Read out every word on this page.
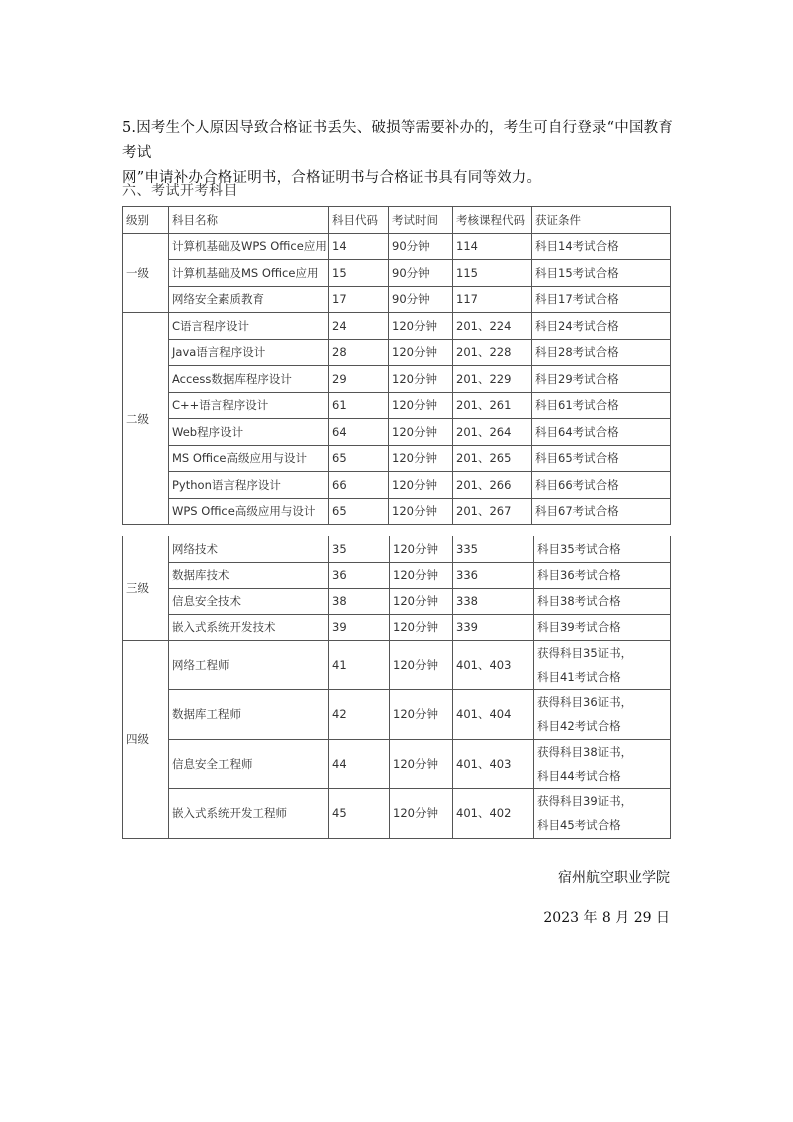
5.因考生个人原因导致合格证书丢失、破损等需要补办的，考生可自行登录“中国教育考试
网”申请补办合格证明书，合格证明书与合格证书具有同等效力。
六、考试开考科目
级别	科目名称	科目代码	考试时间	考核课程代码	获证条件
一级	计算机基础及WPS Office应用	14	90分钟	114	科目14考试合格
	计算机基础及MS Office应用	15	90分钟	115	科目15考试合格
	网络安全素质教育	17	90分钟	117	科目17考试合格
二级	C语言程序设计	24	120分钟	201、224	科目24考试合格
	Java语言程序设计	28	120分钟	201、228	科目28考试合格
	Access数据库程序设计	29	120分钟	201、229	科目29考试合格
	C++语言程序设计	61	120分钟	201、261	科目61考试合格
	Web程序设计	64	120分钟	201、264	科目64考试合格
	MS Office高级应用与设计	65	120分钟	201、265	科目65考试合格
	Python语言程序设计	66	120分钟	201、266	科目66考试合格
	WPS Office高级应用与设计	65	120分钟	201、267	科目67考试合格
三级	网络技术	35	120分钟	335	科目35考试合格
	数据库技术	36	120分钟	336	科目36考试合格
	信息安全技术	38	120分钟	338	科目38考试合格
	嵌入式系统开发技术	39	120分钟	339	科目39考试合格
四级	网络工程师	41	120分钟	401、403	获得科目35证书，
科目41考试合格

	数据库工程师	42	120分钟	401、404	获得科目36证书，
科目42考试合格

	信息安全工程师	44	120分钟	401、403	获得科目38证书，
科目44考试合格

	嵌入式系统开发工程师	45	120分钟	401、402	获得科目39证书，
科目45考试合格
宿州航空职业学院
2023 年 8 月 29 日
